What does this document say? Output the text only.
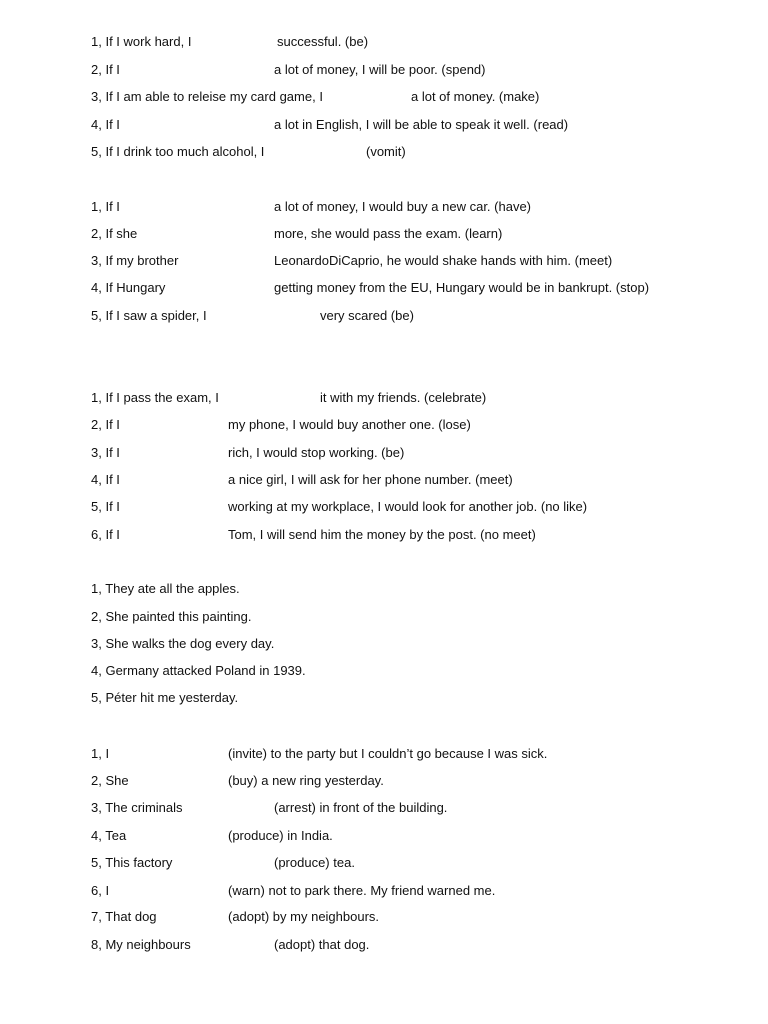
1, If I work hard, I	successful. (be)
2, If I	a lot of money, I will be poor. (spend)
3, If I am able to releise my card game, I	a lot of money. (make)
4, If I	a lot in English, I will be able to speak it well. (read)
5, If I drink too much alcohol, I	(vomit)
1, If I	a lot of money, I would buy a new car. (have)
2, If she	more, she would pass the exam. (learn)
3, If my brother	LeonardoDiCaprio, he would shake hands with him. (meet)
4, If Hungary	getting money from the EU, Hungary would be in bankrupt. (stop)
5, If I saw a spider, I	very scared (be)
1, If I pass the exam, I	it with my friends. (celebrate)
2, If I	my phone, I would buy another one. (lose)
3, If I	rich, I would stop working. (be)
4, If I	a nice girl, I will ask for her phone number. (meet)
5, If I	working at my workplace, I would look for another job. (no like)
6, If I	Tom, I will send him the money by the post. (no meet)
1, They ate all the apples.
2, She painted this painting.
3, She walks the dog every day.
4, Germany attacked Poland in 1939.
5, Péter hit me yesterday.
1, I	(invite) to the party but I couldn’t go because I was sick.
2, She	(buy) a new ring yesterday.
3, The criminals	(arrest) in front of the building.
4, Tea	(produce) in India.
5, This factory	(produce) tea.
6, I	(warn) not to park there. My friend warned me.
7, That dog	(adopt) by my neighbours.
8, My neighbours	(adopt) that dog.
